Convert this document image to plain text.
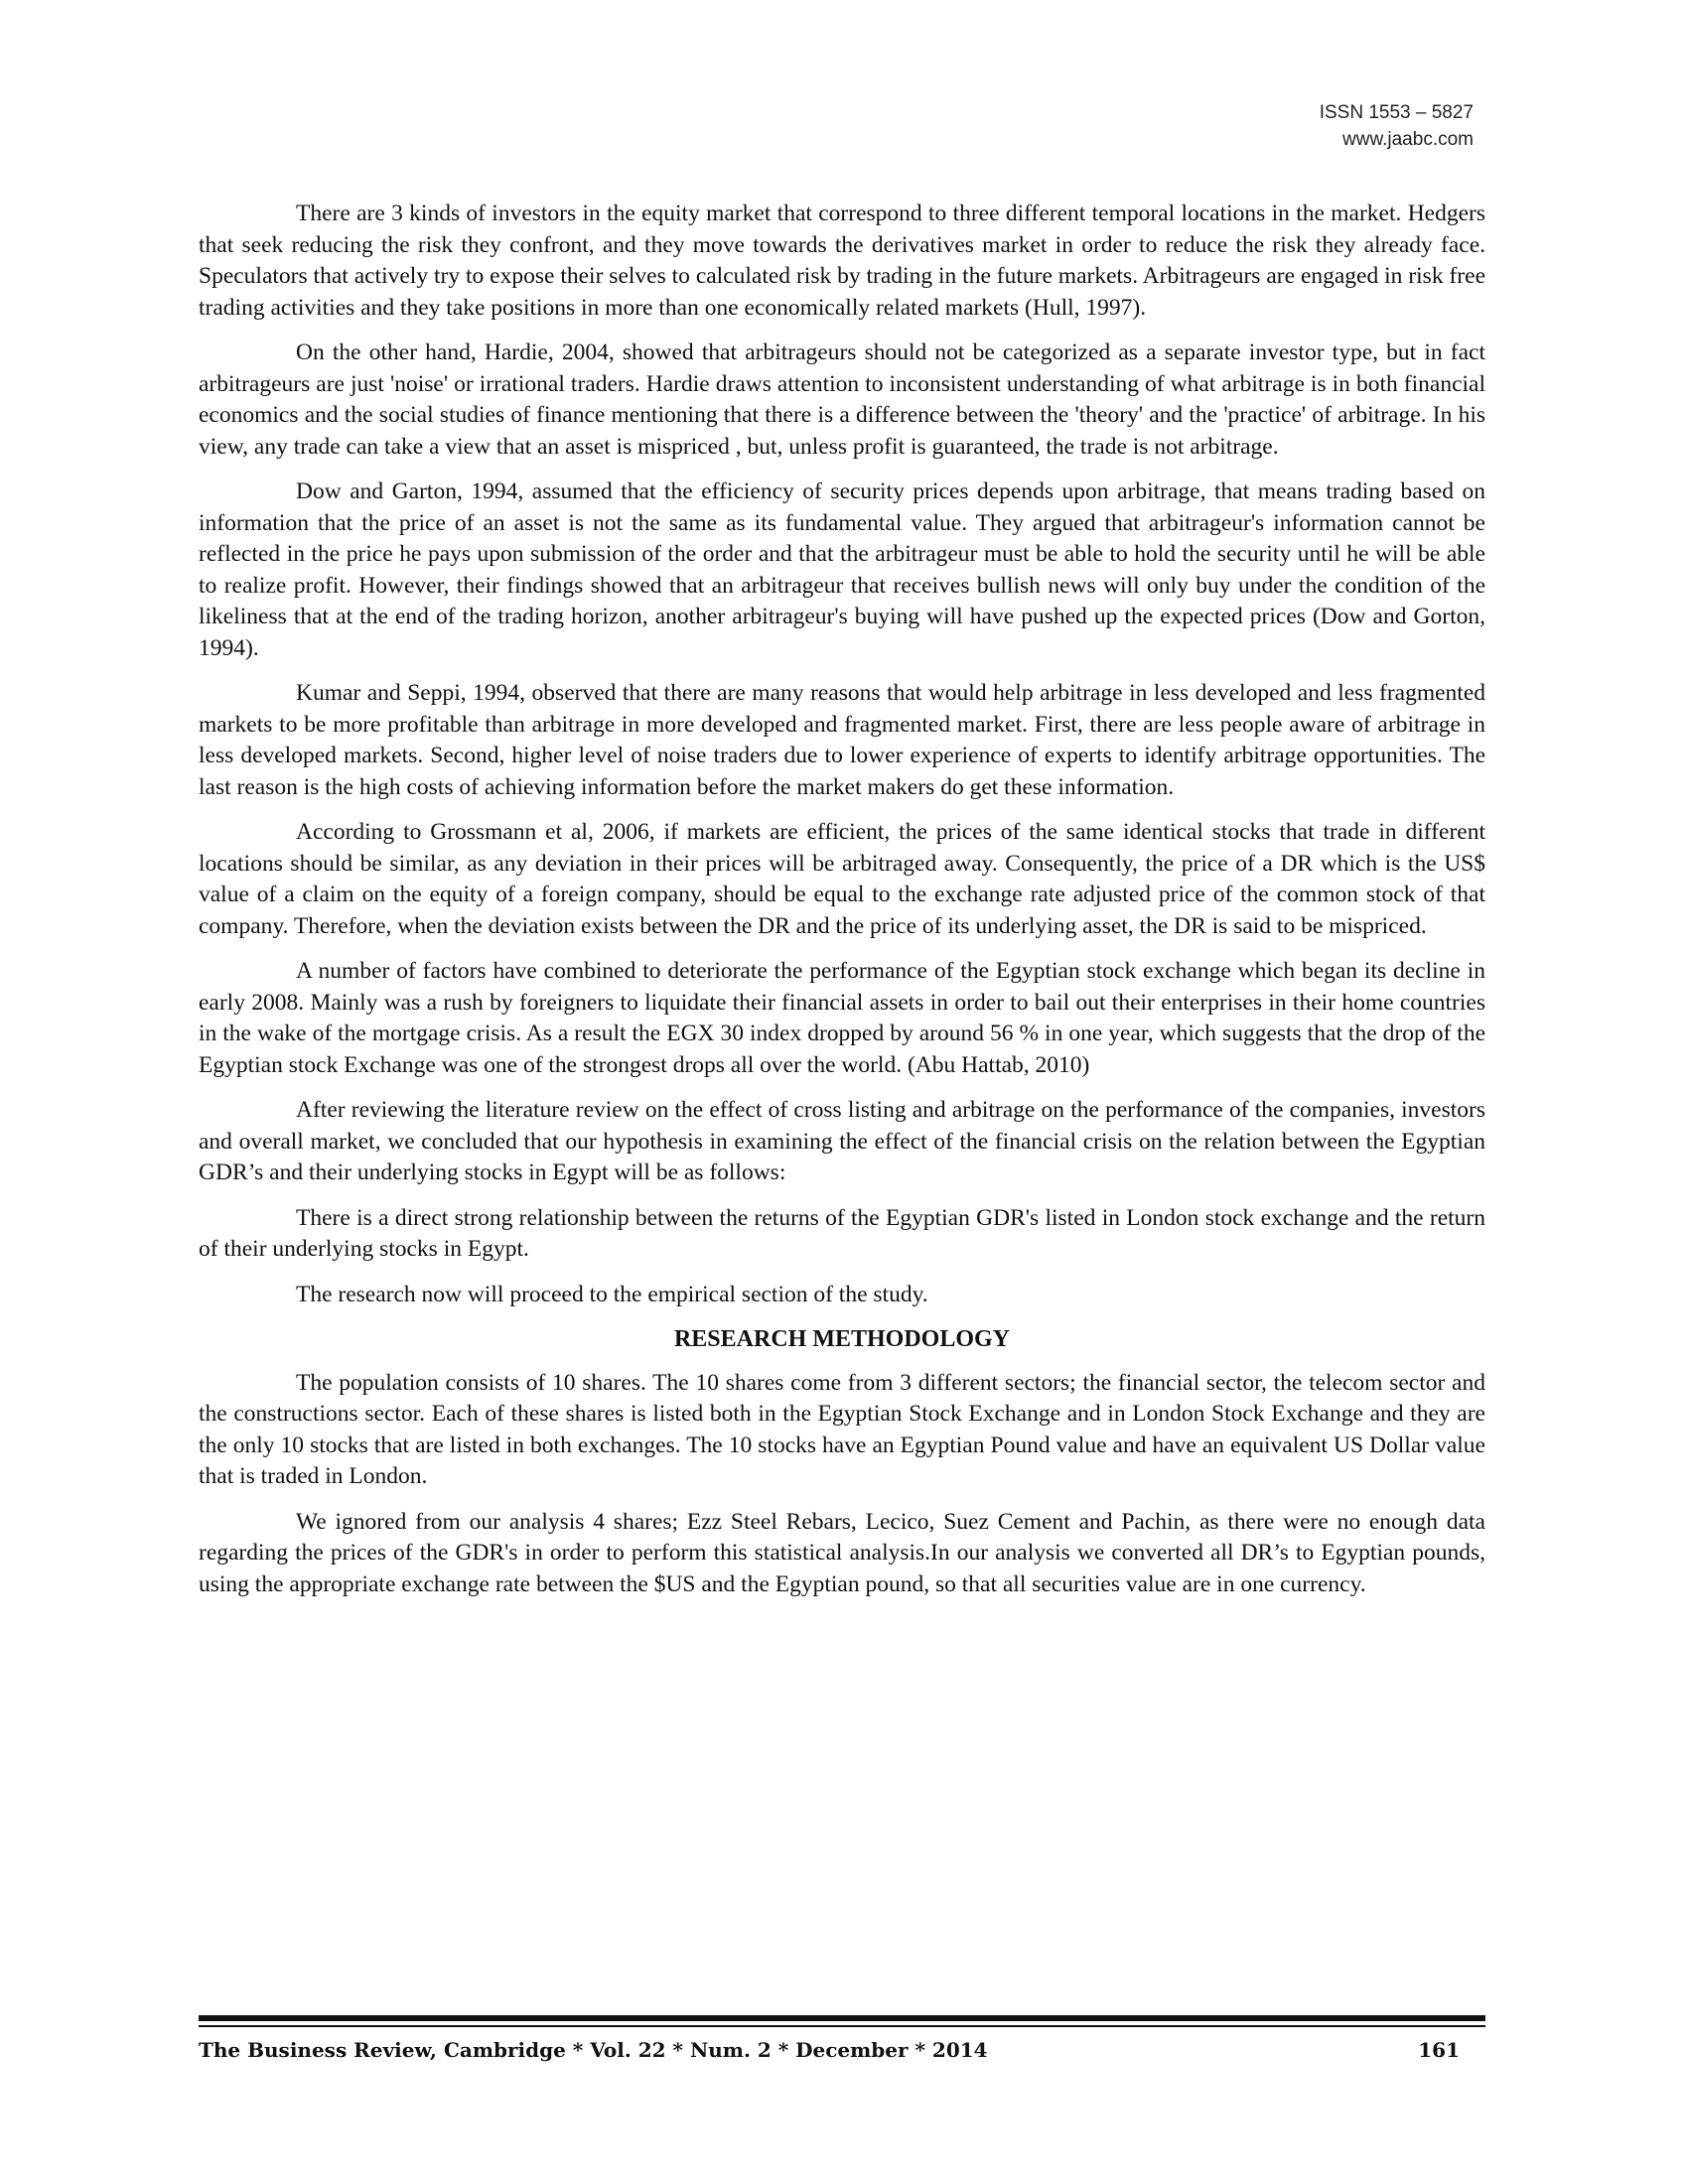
ISSN 1553 – 5827
www.jaabc.com

There are 3 kinds of investors in the equity market that correspond to three different temporal locations in the market. Hedgers that seek reducing the risk they confront, and they move towards the derivatives market in order to reduce the risk they already face. Speculators that actively try to expose their selves to calculated risk by trading in the future markets. Arbitrageurs are engaged in risk free trading activities and they take positions in more than one economically related markets (Hull, 1997).

On the other hand, Hardie, 2004, showed that arbitrageurs should not be categorized as a separate investor type, but in fact arbitrageurs are just 'noise' or irrational traders. Hardie draws attention to inconsistent understanding of what arbitrage is in both financial economics and the social studies of finance mentioning that there is a difference between the 'theory' and the 'practice' of arbitrage. In his view, any trade can take a view that an asset is mispriced , but, unless profit is guaranteed, the trade is not arbitrage.

Dow and Garton, 1994, assumed that the efficiency of security prices depends upon arbitrage, that means trading based on information that the price of an asset is not the same as its fundamental value. They argued that arbitrageur's information cannot be reflected in the price he pays upon submission of the order and that the arbitrageur must be able to hold the security until he will be able to realize profit. However, their findings showed that an arbitrageur that receives bullish news will only buy under the condition of the likeliness that at the end of the trading horizon, another arbitrageur's buying will have pushed up the expected prices (Dow and Gorton, 1994).

Kumar and Seppi, 1994, observed that there are many reasons that would help arbitrage in less developed and less fragmented markets to be more profitable than arbitrage in more developed and fragmented market. First, there are less people aware of arbitrage in less developed markets. Second, higher level of noise traders due to lower experience of experts to identify arbitrage opportunities. The last reason is the high costs of achieving information before the market makers do get these information.

According to Grossmann et al, 2006, if markets are efficient, the prices of the same identical stocks that trade in different locations should be similar, as any deviation in their prices will be arbitraged away. Consequently, the price of a DR which is the US$ value of a claim on the equity of a foreign company, should be equal to the exchange rate adjusted price of the common stock of that company. Therefore, when the deviation exists between the DR and the price of its underlying asset, the DR is said to be mispriced.

A number of factors have combined to deteriorate the performance of the Egyptian stock exchange which began its decline in early 2008. Mainly was a rush by foreigners to liquidate their financial assets in order to bail out their enterprises in their home countries in the wake of the mortgage crisis. As a result the EGX 30 index dropped by around 56 % in one year, which suggests that the drop of the Egyptian stock Exchange was one of the strongest drops all over the world. (Abu Hattab, 2010)

After reviewing the literature review on the effect of cross listing and arbitrage on the performance of the companies, investors and overall market, we concluded that our hypothesis in examining the effect of the financial crisis on the relation between the Egyptian GDR’s and their underlying stocks in Egypt will be as follows:

There is a direct strong relationship between the returns of the Egyptian GDR's listed in London stock exchange and the return of their underlying stocks in Egypt.

The research now will proceed to the empirical section of the study.

RESEARCH METHODOLOGY

The population consists of 10 shares. The 10 shares come from 3 different sectors; the financial sector, the telecom sector and the constructions sector. Each of these shares is listed both in the Egyptian Stock Exchange and in London Stock Exchange and they are the only 10 stocks that are listed in both exchanges. The 10 stocks have an Egyptian Pound value and have an equivalent US Dollar value that is traded in London.

We ignored from our analysis 4 shares; Ezz Steel Rebars, Lecico, Suez Cement and Pachin, as there were no enough data regarding the prices of the GDR's in order to perform this statistical analysis.In our analysis we converted all DR’s to Egyptian pounds, using the appropriate exchange rate between the $US and the Egyptian pound, so that all securities value are in one currency.

The Business Review, Cambridge * Vol. 22 * Num. 2 * December * 2014	161
